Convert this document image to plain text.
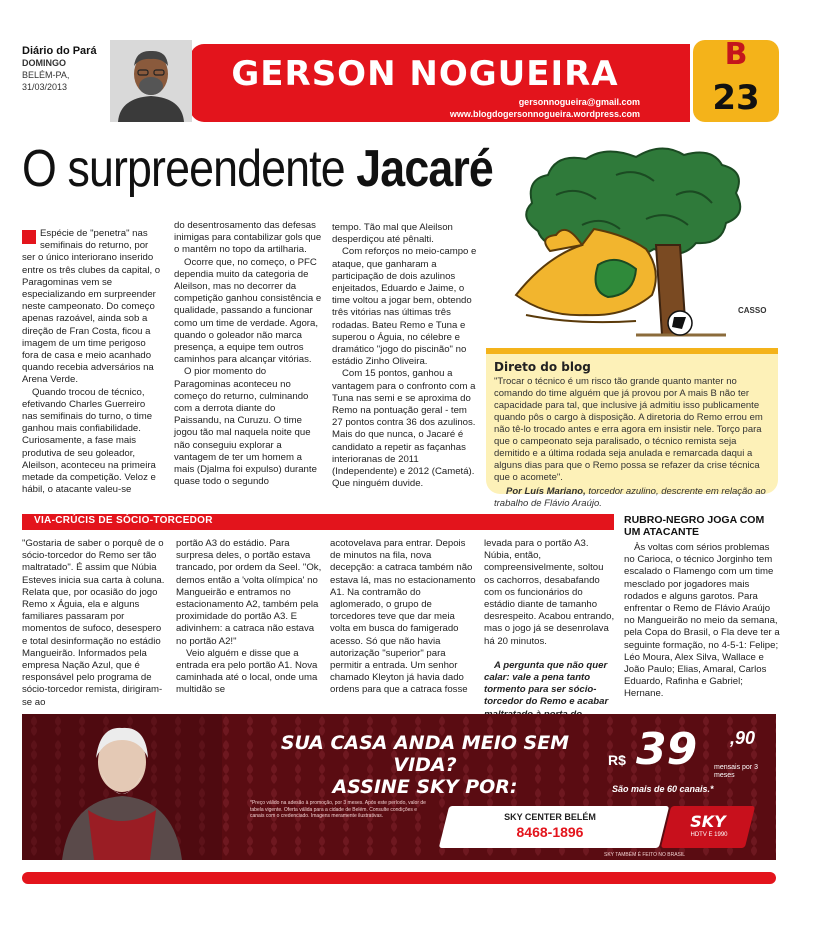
Diário do Pará
DOMINGO
BELÉM-PA,
31/03/2013	GERSON NOGUEIRA
gersonnogueira@gmail.com
www.blogdogersonnogueira.wordpress.com
B
23
O surpreendente Jacaré

Espécie de "penetra" nas semifinais do returno, por ser o único interiorano inserido entre os três clubes da capital, o Paragominas vem se especializando em surpreender neste campeonato. Do começo apenas razoável, ainda sob a direção de Fran Costa, ficou a imagem de um time perigoso fora de casa e meio acanhado quando recebia adversários na Arena Verde.

Quando trocou de técnico, efetivando Charles Guerreiro nas semifinais do turno, o time ganhou mais confiabilidade. Curiosamente, a fase mais produtiva de seu goleador, Aleilson, aconteceu na primeira metade da competição. Veloz e hábil, o atacante valeu-se

do desentrosamento das defesas inimigas para contabilizar gols que o mantêm no topo da artilharia.

Ocorre que, no começo, o PFC dependia muito da categoria de Aleilson, mas no decorrer da competição ganhou consistência e qualidade, passando a funcionar como um time de verdade. Agora, quando o goleador não marca presença, a equipe tem outros caminhos para alcançar vitórias.

O pior momento do Paragominas aconteceu no começo do returno, culminando com a derrota diante do Paissandu, na Curuzu. O time jogou tão mal naquela noite que não conseguiu explorar a vantagem de ter um homem a mais (Djalma foi expulso) durante quase todo o segundo

tempo. Tão mal que Aleilson desperdiçou até pênalti.

Com reforços no meio-campo e ataque, que ganharam a participação de dois azulinos enjeitados, Eduardo e Jaime, o time voltou a jogar bem, obtendo três vitórias nas últimas três rodadas. Bateu Remo e Tuna e superou o Águia, no célebre e dramático "jogo do piscinão" no estádio Zinho Oliveira.

Com 15 pontos, ganhou a vantagem para o confronto com a Tuna nas semi e se aproxima do Remo na pontuação geral - tem 27 pontos contra 36 dos azulinos. Mais do que nunca, o Jacaré é candidato a repetir as façanhas interioranas de 2011 (Independente) e 2012 (Cametá). Que ninguém duvide.

CASSO
Direto do blog
"Trocar o técnico é um risco tão grande quanto manter no comando do time alguém que já provou por A mais B não ter capacidade para tal, que inclusive já admitiu isso publicamente quando pôs o cargo à disposição. A diretoria do Remo errou em não tê-lo trocado antes e erra agora em insistir nele. Torço para que o campeonato seja paralisado, o técnico remista seja demitido e a última rodada seja anulada e remarcada daqui a alguns dias para que o Remo possa se refazer da crise técnica que o acomete".
Por Luís Mariano, torcedor azulino, descrente em relação ao trabalho de Flávio Araújo.
VIA-CRÚCIS DE SÓCIO-TORCEDOR

"Gostaria de saber o porquê de o sócio-torcedor do Remo ser tão maltratado". É assim que Núbia Esteves inicia sua carta à coluna. Relata que, por ocasião do jogo Remo x Águia, ela e alguns familiares passaram por momentos de sufoco, desespero e total desinformação no estádio Mangueirão. Informados pela empresa Nação Azul, que é responsável pelo programa de sócio-torcedor remista, dirigiram-se ao

portão A3 do estádio. Para surpresa deles, o portão estava trancado, por ordem da Seel. "Ok, demos então a 'volta olímpica' no Mangueirão e entramos no estacionamento A2, também pela proximidade do portão A3. E adivinhem: a catraca não estava no portão A2!"

Veio alguém e disse que a entrada era pelo portão A1. Nova caminhada até o local, onde uma multidão se

acotovelava para entrar. Depois de minutos na fila, nova decepção: a catraca também não estava lá, mas no estacionamento A1. Na contramão do aglomerado, o grupo de torcedores teve que dar meia volta em busca do famigerado acesso. Só que não havia autorização "superior" para permitir a entrada. Um senhor chamado Kleyton já havia dado ordens para que a catraca fosse

levada para o portão A3. Núbia, então, compreensivelmente, soltou os cachorros, desabafando com os funcionários do estádio diante de tamanho desrespeito. Acabou entrando, mas o jogo já se desenrolava há 20 minutos.

A pergunta que não quer calar: vale a pena tanto tormento para ser sócio-torcedor do Remo e acabar

RUBRO-NEGRO JOGA COM UM ATACANTE

Às voltas com sérios problemas no Carioca, o técnico Jorginho tem escalado o Flamengo com um time mesclado por jogadores mais rodados e alguns garotos. Para enfrentar o Remo de Flávio Araújo no Mangueirão no meio da semana, pela Copa do Brasil, o Fla deve ter a seguinte formação, no 4-5-1: Felipe; Léo Moura, Alex Silva, Wallace e João Paulo; Elias, Amaral, Carlos Eduardo, Rafinha e Gabriel; Hernane.

SUA CASA ANDA MEIO SEM VIDA?
ASSINE SKY POR:
R$ 39 ,90
mensais por 3 meses
São mais de 60 canais.*
*Preço válido na adesão à promoção, por 3 meses. Após este período, valor de tabela vigente. Oferta válida para a cidade de Belém. Consulte condições e canais com o credenciado. Imagens meramente ilustrativas.	SKY CENTER BELÉM
8468-1896
SKY
HDTV E 1990
SKY TAMBÉM É FEITO NO BRASIL
